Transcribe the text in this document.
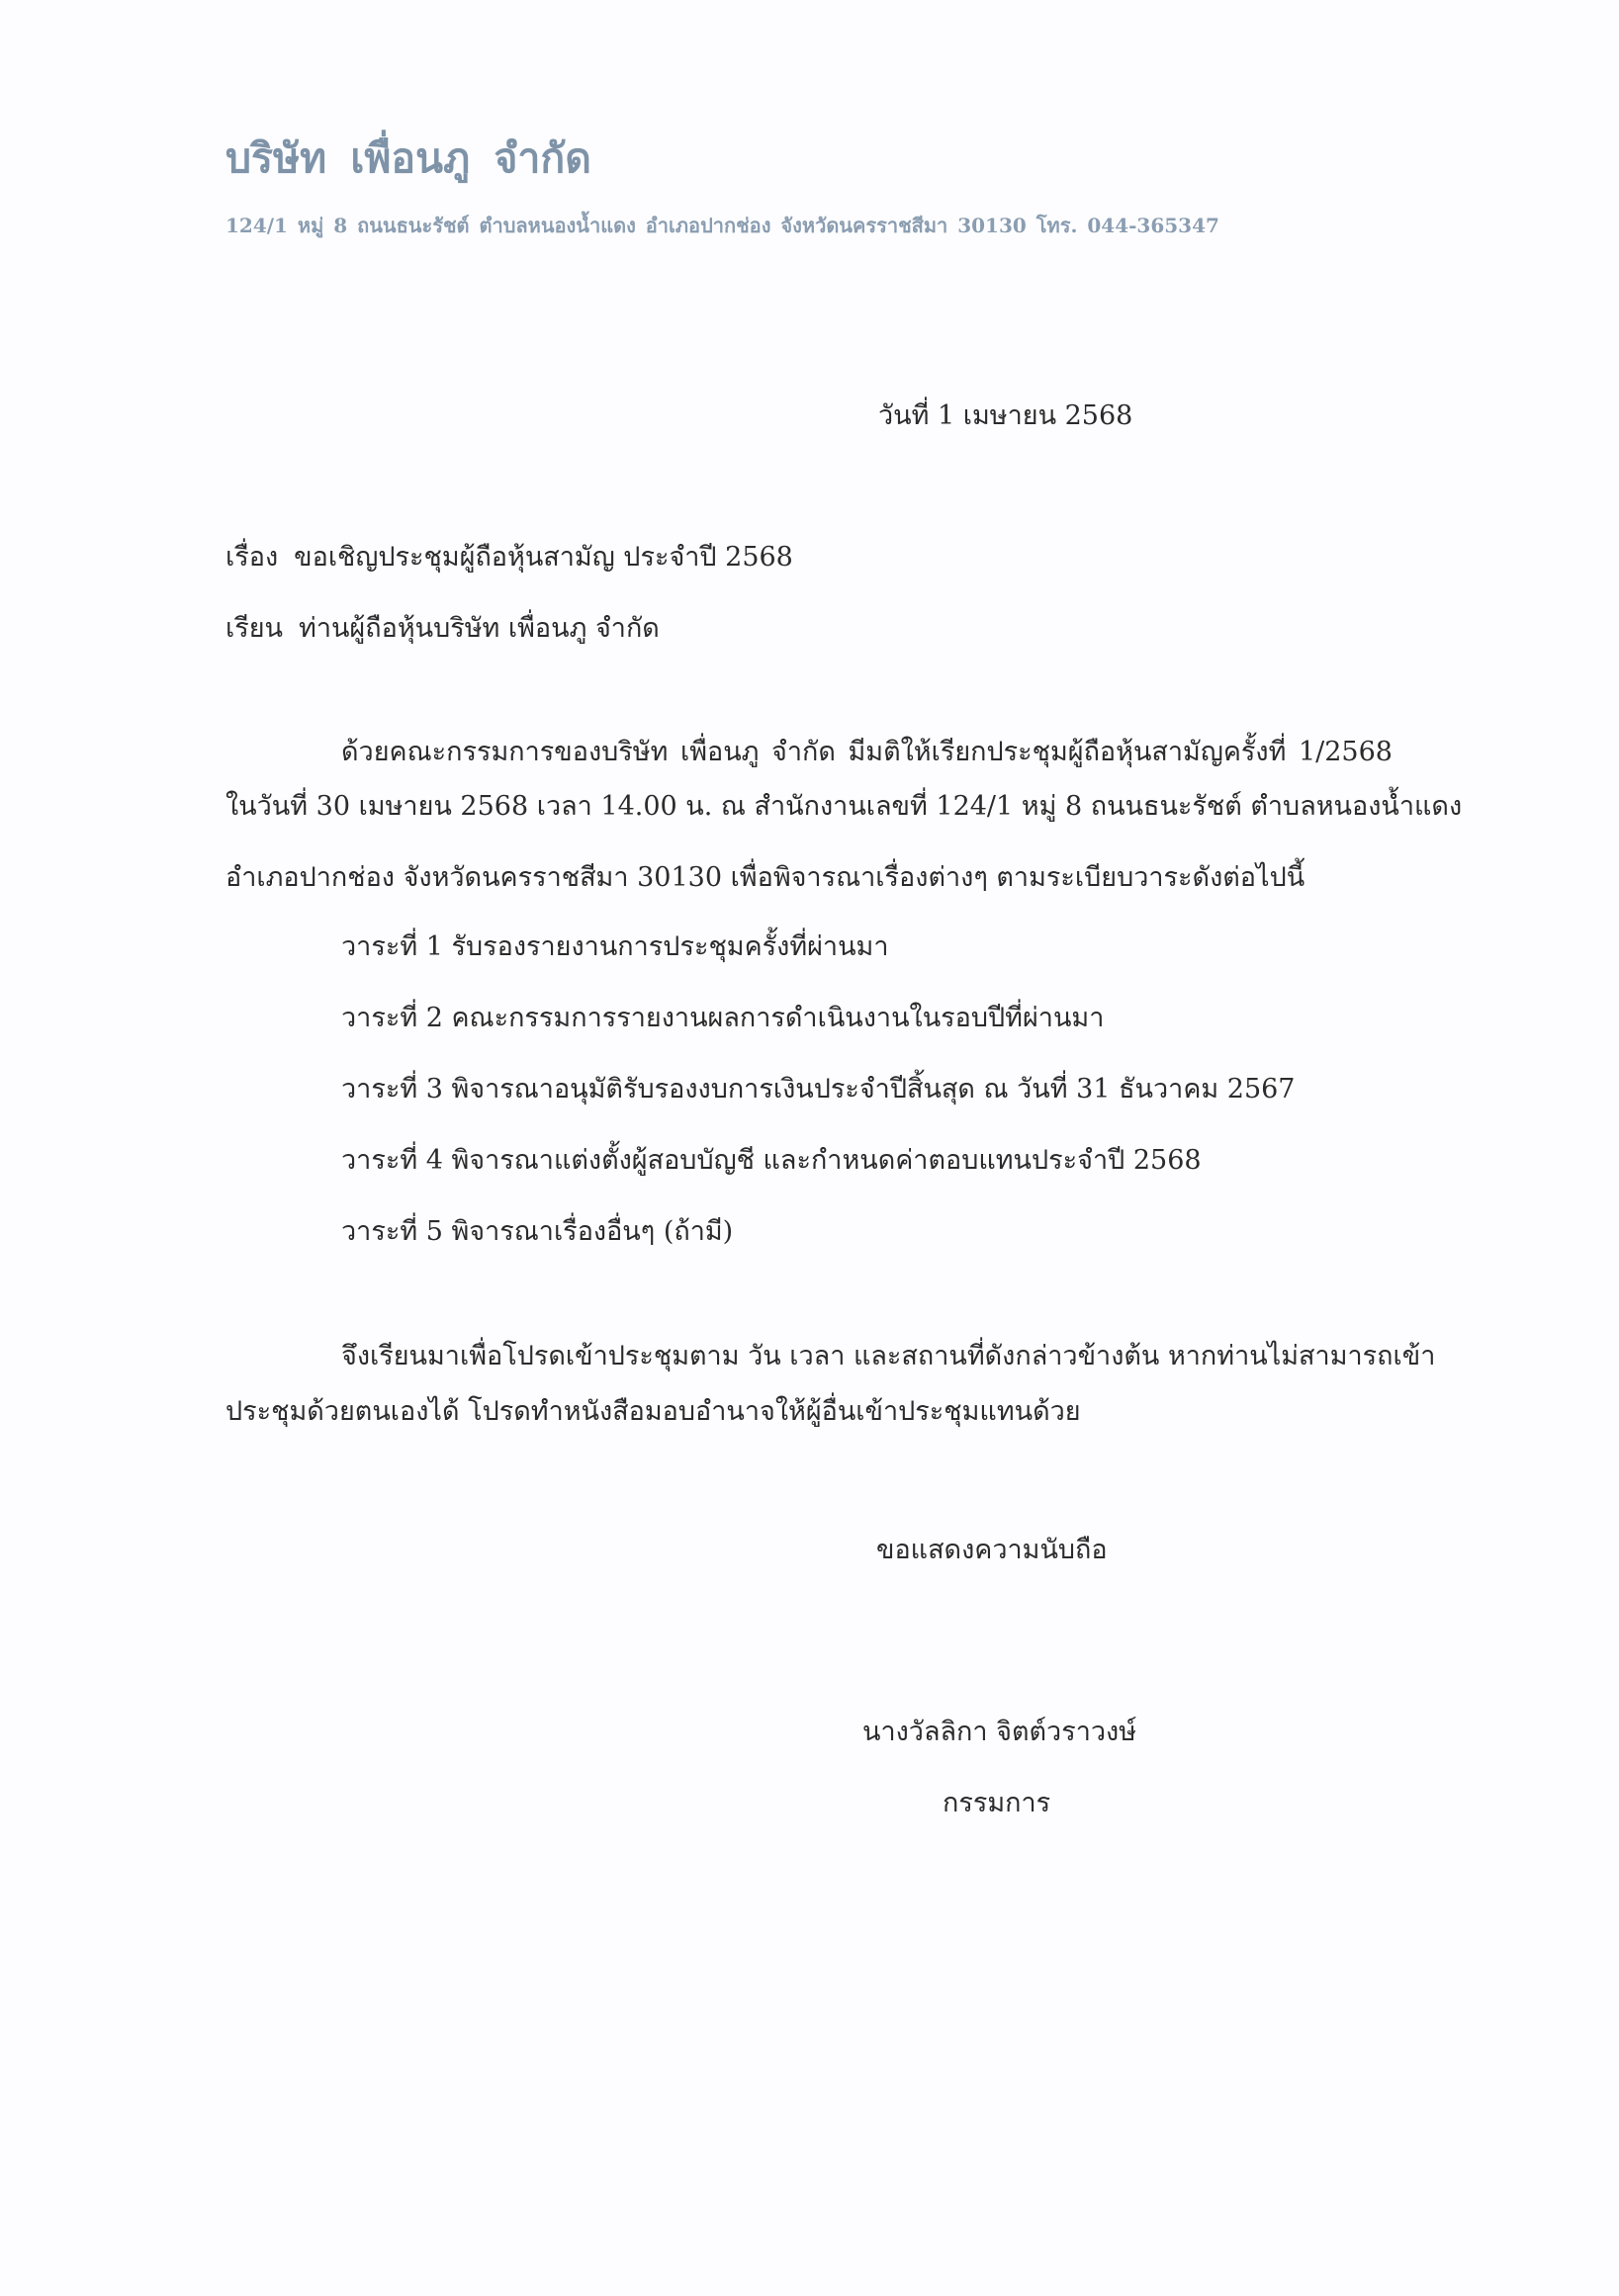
บริษัท เพื่อนภู จำกัด
124/1 หมู่ 8 ถนนธนะรัชต์ ตำบลหนองน้ำแดง อำเภอปากช่อง จังหวัดนครราชสีมา 30130 โทร. 044-365347
วันที่ 1 เมษายน 2568
เรื่อง ขอเชิญประชุมผู้ถือหุ้นสามัญ ประจำปี 2568
เรียน ท่านผู้ถือหุ้นบริษัท เพื่อนภู จำกัด
ด้วยคณะกรรมการของบริษัท เพื่อนภู จำกัด มีมติให้เรียกประชุมผู้ถือหุ้นสามัญครั้งที่ 1/2568
ในวันที่ 30 เมษายน 2568 เวลา 14.00 น. ณ สำนักงานเลขที่ 124/1 หมู่ 8 ถนนธนะรัชต์ ตำบลหนองน้ำแดง
อำเภอปากช่อง จังหวัดนครราชสีมา 30130 เพื่อพิจารณาเรื่องต่างๆ ตามระเบียบวาระดังต่อไปนี้
วาระที่ 1 รับรองรายงานการประชุมครั้งที่ผ่านมา
วาระที่ 2 คณะกรรมการรายงานผลการดำเนินงานในรอบปีที่ผ่านมา
วาระที่ 3 พิจารณาอนุมัติรับรองงบการเงินประจำปีสิ้นสุด ณ วันที่ 31 ธันวาคม 2567
วาระที่ 4 พิจารณาแต่งตั้งผู้สอบบัญชี และกำหนดค่าตอบแทนประจำปี 2568
วาระที่ 5 พิจารณาเรื่องอื่นๆ (ถ้ามี)
จึงเรียนมาเพื่อโปรดเข้าประชุมตาม วัน เวลา และสถานที่ดังกล่าวข้างต้น หากท่านไม่สามารถเข้า
ประชุมด้วยตนเองได้ โปรดทำหนังสือมอบอำนาจให้ผู้อื่นเข้าประชุมแทนด้วย
ขอแสดงความนับถือ
นางวัลลิกา จิตต์วราวงษ์
กรรมการ
